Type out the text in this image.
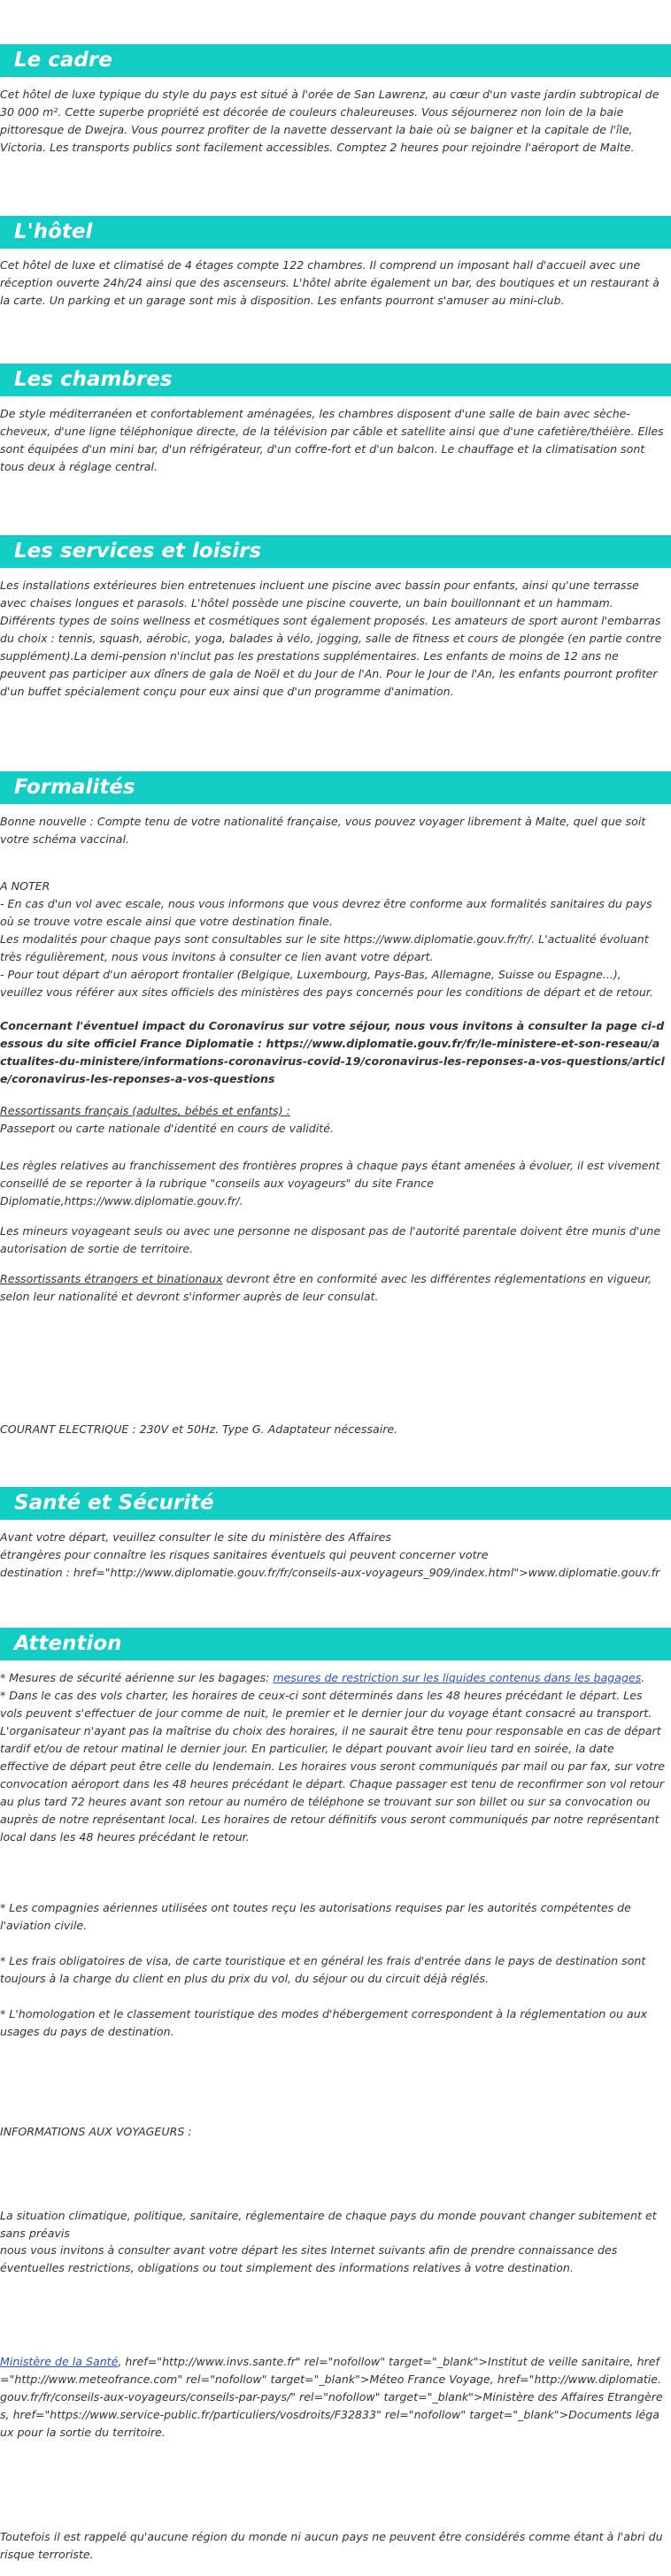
Le cadre

Cet hôtel de luxe typique du style du pays est situé à l'orée de San Lawrenz, au cœur d'un vaste jardin subtropical de 30 000 m². Cette superbe propriété est décorée de couleurs chaleureuses. Vous séjournerez non loin de la baie pittoresque de Dwejra. Vous pourrez profiter de la navette desservant la baie où se baigner et la capitale de l'île, Victoria. Les transports publics sont facilement accessibles. Comptez 2 heures pour rejoindre l'aéroport de Malte.

L'hôtel

Cet hôtel de luxe et climatisé de 4 étages compte 122 chambres. Il comprend un imposant hall d'accueil avec une réception ouverte 24h/24 ainsi que des ascenseurs. L'hôtel abrite également un bar, des boutiques et un restaurant à la carte. Un parking et un garage sont mis à disposition. Les enfants pourront s'amuser au mini-club.

Les chambres

De style méditerranéen et confortablement aménagées, les chambres disposent d'une salle de bain avec sèche-cheveux, d'une ligne téléphonique directe, de la télévision par câble et satellite ainsi que d'une cafetière/théière. Elles sont équipées d'un mini bar, d'un réfrigérateur, d'un coffre-fort et d'un balcon. Le chauffage et la climatisation sont tous deux à réglage central.

Les services et loisirs

Les installations extérieures bien entretenues incluent une piscine avec bassin pour enfants, ainsi qu'une terrasse avec chaises longues et parasols. L'hôtel possède une piscine couverte, un bain bouillonnant et un hammam. Différents types de soins wellness et cosmétiques sont également proposés. Les amateurs de sport auront l'embarras du choix : tennis, squash, aérobic, yoga, balades à vélo, jogging, salle de fitness et cours de plongée (en partie contre supplément).La demi-pension n'inclut pas les prestations supplémentaires. Les enfants de moins de 12 ans ne peuvent pas participer aux dîners de gala de Noël et du Jour de l'An. Pour le Jour de l'An, les enfants pourront profiter d'un buffet spécialement conçu pour eux ainsi que d'un programme d'animation.

Formalités

Bonne nouvelle : Compte tenu de votre nationalité française, vous pouvez voyager librement à Malte, quel que soit votre schéma vaccinal.

A NOTER

- En cas d'un vol avec escale, nous vous informons que vous devrez être conforme aux formalités sanitaires du pays où se trouve votre escale ainsi que votre destination finale.

Les modalités pour chaque pays sont consultables sur le site https://www.diplomatie.gouv.fr/fr/. L'actualité évoluant très régulièrement, nous vous invitons à consulter ce lien avant votre départ.

- Pour tout départ d'un aéroport frontalier (Belgique, Luxembourg, Pays-Bas, Allemagne, Suisse ou Espagne...), veuillez vous référer aux sites officiels des ministères des pays concernés pour les conditions de départ et de retour.

Concernant l'éventuel impact du Coronavirus sur votre séjour, nous vous invitons à consulter la page ci-dessous du site officiel France Diplomatie : https://www.diplomatie.gouv.fr/fr/le-ministere-et-son-reseau/actualites-du-ministere/informations-coronavirus-covid-19/coronavirus-les-reponses-a-vos-questions/article/coronavirus-les-reponses-a-vos-questions

Ressortissants français (adultes, bébés et enfants) :

Passeport ou carte nationale d'identité en cours de validité.

Les règles relatives au franchissement des frontières propres à chaque pays étant amenées à évoluer, il est vivement conseillé de se reporter à la rubrique "conseils aux voyageurs" du site France Diplomatie,https://www.diplomatie.gouv.fr/.

Les mineurs voyageant seuls ou avec une personne ne disposant pas de l'autorité parentale doivent être munis d'une autorisation de sortie de territoire.

Ressortissants étrangers et binationaux devront être en conformité avec les différentes réglementations en vigueur, selon leur nationalité et devront s'informer auprès de leur consulat.

COURANT ELECTRIQUE : 230V et 50Hz. Type G. Adaptateur nécessaire.

Santé et Sécurité

Avant votre départ, veuillez consulter le site du ministère des Affaires

étrangères pour connaître les risques sanitaires éventuels qui peuvent concerner votre

destination : href="http://www.diplomatie.gouv.fr/fr/conseils-aux-voyageurs_909/index.html">www.diplomatie.gouv.fr

Attention

* Mesures de sécurité aérienne sur les bagages: mesures de restriction sur les liquides contenus dans les bagages.

* Dans le cas des vols charter, les horaires de ceux-ci sont déterminés dans les 48 heures précédant le départ. Les vols peuvent s'effectuer de jour comme de nuit, le premier et le dernier jour du voyage étant consacré au transport. L'organisateur n'ayant pas la maîtrise du choix des horaires, il ne saurait être tenu pour responsable en cas de départ tardif et/ou de retour matinal le dernier jour. En particulier, le départ pouvant avoir lieu tard en soirée, la date effective de départ peut être celle du lendemain. Les horaires vous seront communiqués par mail ou par fax, sur votre convocation aéroport dans les 48 heures précédant le départ. Chaque passager est tenu de reconfirmer son vol retour au plus tard 72 heures avant son retour au numéro de téléphone se trouvant sur son billet ou sur sa convocation ou auprès de notre représentant local. Les horaires de retour définitifs vous seront communiqués par notre représentant local dans les 48 heures précédant le retour.

* Les compagnies aériennes utilisées ont toutes reçu les autorisations requises par les autorités compétentes de l'aviation civile.

* Les frais obligatoires de visa, de carte touristique et en général les frais d'entrée dans le pays de destination sont toujours à la charge du client en plus du prix du vol, du séjour ou du circuit déjà réglés.

* L'homologation et le classement touristique des modes d'hébergement correspondent à la réglementation ou aux usages du pays de destination.

INFORMATIONS AUX VOYAGEURS :

La situation climatique, politique, sanitaire, réglementaire de chaque pays du monde pouvant changer subitement et sans préavis

nous vous invitons à consulter avant votre départ les sites Internet suivants afin de prendre connaissance des éventuelles restrictions, obligations ou tout simplement des informations relatives à votre destination.

Ministère de la Santé, href="http://www.invs.sante.fr" rel="nofollow" target="_blank">Institut de veille sanitaire, href="http://www.meteofrance.com" rel="nofollow" target="_blank">Méteo France Voyage, href="http://www.diplomatie.gouv.fr/fr/conseils-aux-voyageurs/conseils-par-pays/" rel="nofollow" target="_blank">Ministère des Affaires Etrangères, href="https://www.service-public.fr/particuliers/vosdroits/F32833" rel="nofollow" target="_blank">Documents légaux pour la sortie du territoire.

Toutefois il est rappelé qu'aucune région du monde ni aucun pays ne peuvent être considérés comme étant à l'abri du risque terroriste.
